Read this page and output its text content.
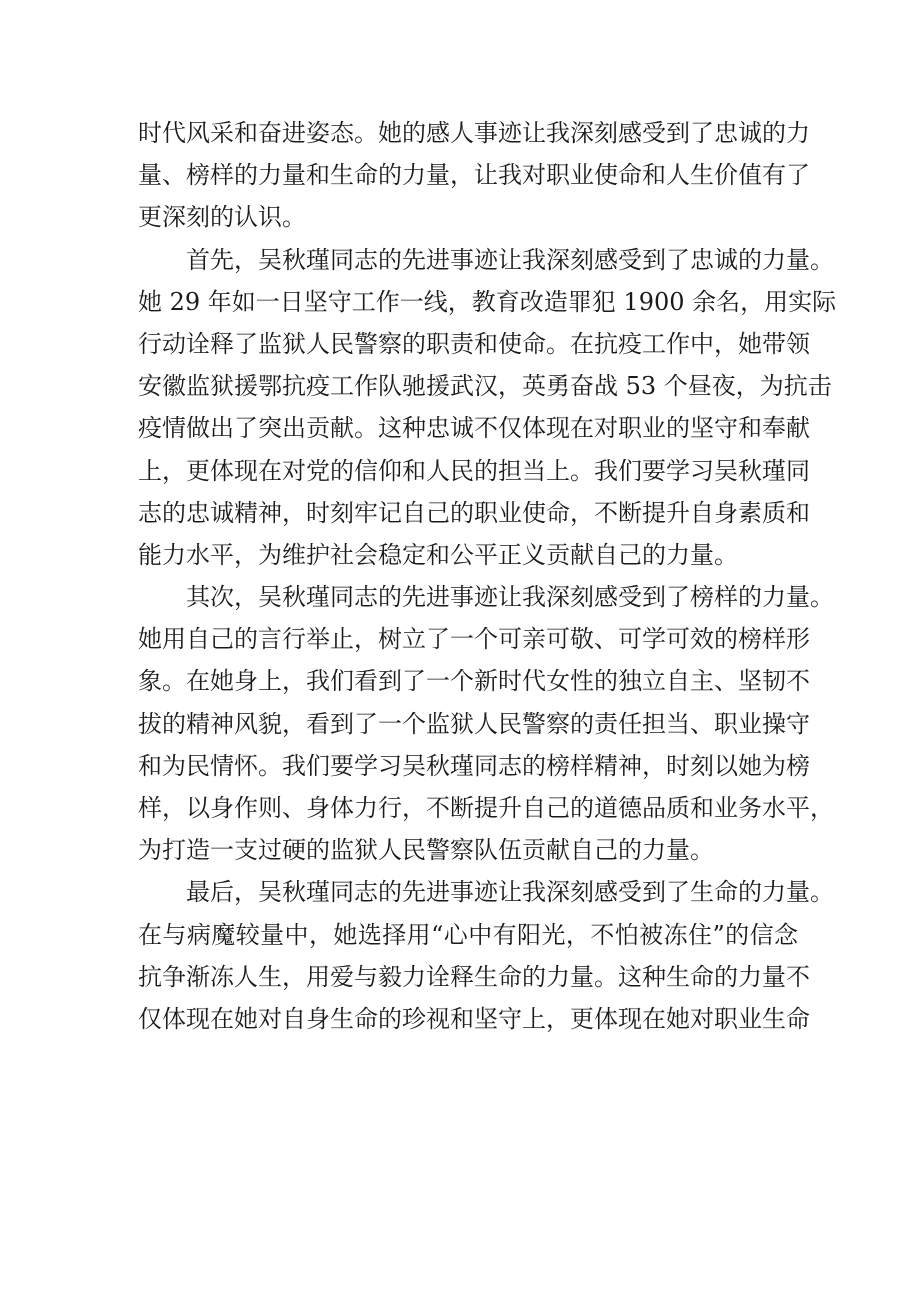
时代风采和奋进姿态。她的感人事迹让我深刻感受到了忠诚的力
量、榜样的力量和生命的力量，让我对职业使命和人生价值有了
更深刻的认识。
首先，吴秋瑾同志的先进事迹让我深刻感受到了忠诚的力量。
她 29 年如一日坚守工作一线，教育改造罪犯 1900 余名，用实际
行动诠释了监狱人民警察的职责和使命。在抗疫工作中，她带领
安徽监狱援鄂抗疫工作队驰援武汉，英勇奋战 53 个昼夜，为抗击
疫情做出了突出贡献。这种忠诚不仅体现在对职业的坚守和奉献
上，更体现在对党的信仰和人民的担当上。我们要学习吴秋瑾同
志的忠诚精神，时刻牢记自己的职业使命，不断提升自身素质和
能力水平，为维护社会稳定和公平正义贡献自己的力量。
其次，吴秋瑾同志的先进事迹让我深刻感受到了榜样的力量。
她用自己的言行举止，树立了一个可亲可敬、可学可效的榜样形
象。在她身上，我们看到了一个新时代女性的独立自主、坚韧不
拔的精神风貌，看到了一个监狱人民警察的责任担当、职业操守
和为民情怀。我们要学习吴秋瑾同志的榜样精神，时刻以她为榜
样，以身作则、身体力行，不断提升自己的道德品质和业务水平，
为打造一支过硬的监狱人民警察队伍贡献自己的力量。
最后，吴秋瑾同志的先进事迹让我深刻感受到了生命的力量。
在与病魔较量中，她选择用“心中有阳光，不怕被冻住”的信念
抗争渐冻人生，用爱与毅力诠释生命的力量。这种生命的力量不
仅体现在她对自身生命的珍视和坚守上，更体现在她对职业生命
